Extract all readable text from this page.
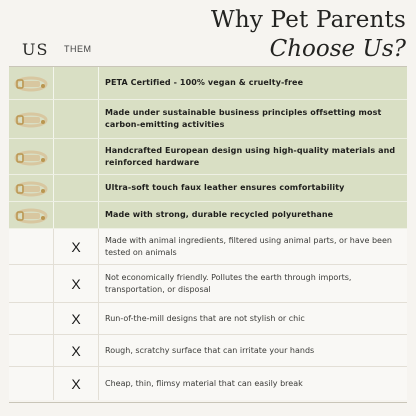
Why Pet Parents
Choose Us?
US THEM
PETA Certified - 100% vegan & cruelty-free
Made under sustainable business principles offsetting most carbon-emitting activities
Handcrafted European design using high-quality materials and reinforced hardware
Ultra-soft touch faux leather ensures comfortability
Made with strong, durable recycled polyurethane
X	Made with animal ingredients, filtered using animal parts, or have been tested on animals
X	Not economically friendly. Pollutes the earth through imports, transportation, or disposal
X	Run-of-the-mill designs that are not stylish or chic
X	Rough, scratchy surface that can irritate your hands
X	Cheap, thin, flimsy material that can easily break
